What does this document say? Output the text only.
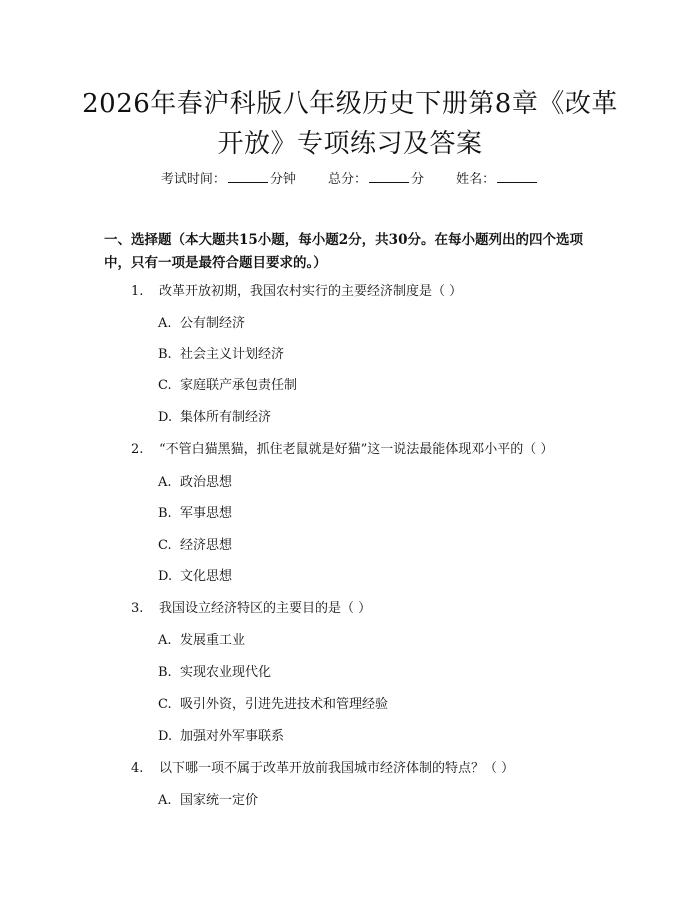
2026年春沪科版八年级历史下册第8章《改革开放》专项练习及答案
考试时间：	分钟 总分：	分 姓名：
一、选择题（本大题共15小题，每小题2分，共30分。在每小题列出的四个选项中，只有一项是最符合题目要求的。）
1. 改革开放初期，我国农村实行的主要经济制度是（ ）
A. 公有制经济
B. 社会主义计划经济
C. 家庭联产承包责任制
D. 集体所有制经济
2. “不管白猫黑猫，抓住老鼠就是好猫”这一说法最能体现邓小平的（ ）
A. 政治思想
B. 军事思想
C. 经济思想
D. 文化思想
3. 我国设立经济特区的主要目的是（ ）
A. 发展重工业
B. 实现农业现代化
C. 吸引外资，引进先进技术和管理经验
D. 加强对外军事联系
4. 以下哪一项不属于改革开放前我国城市经济体制的特点？（ ）
A. 国家统一定价
